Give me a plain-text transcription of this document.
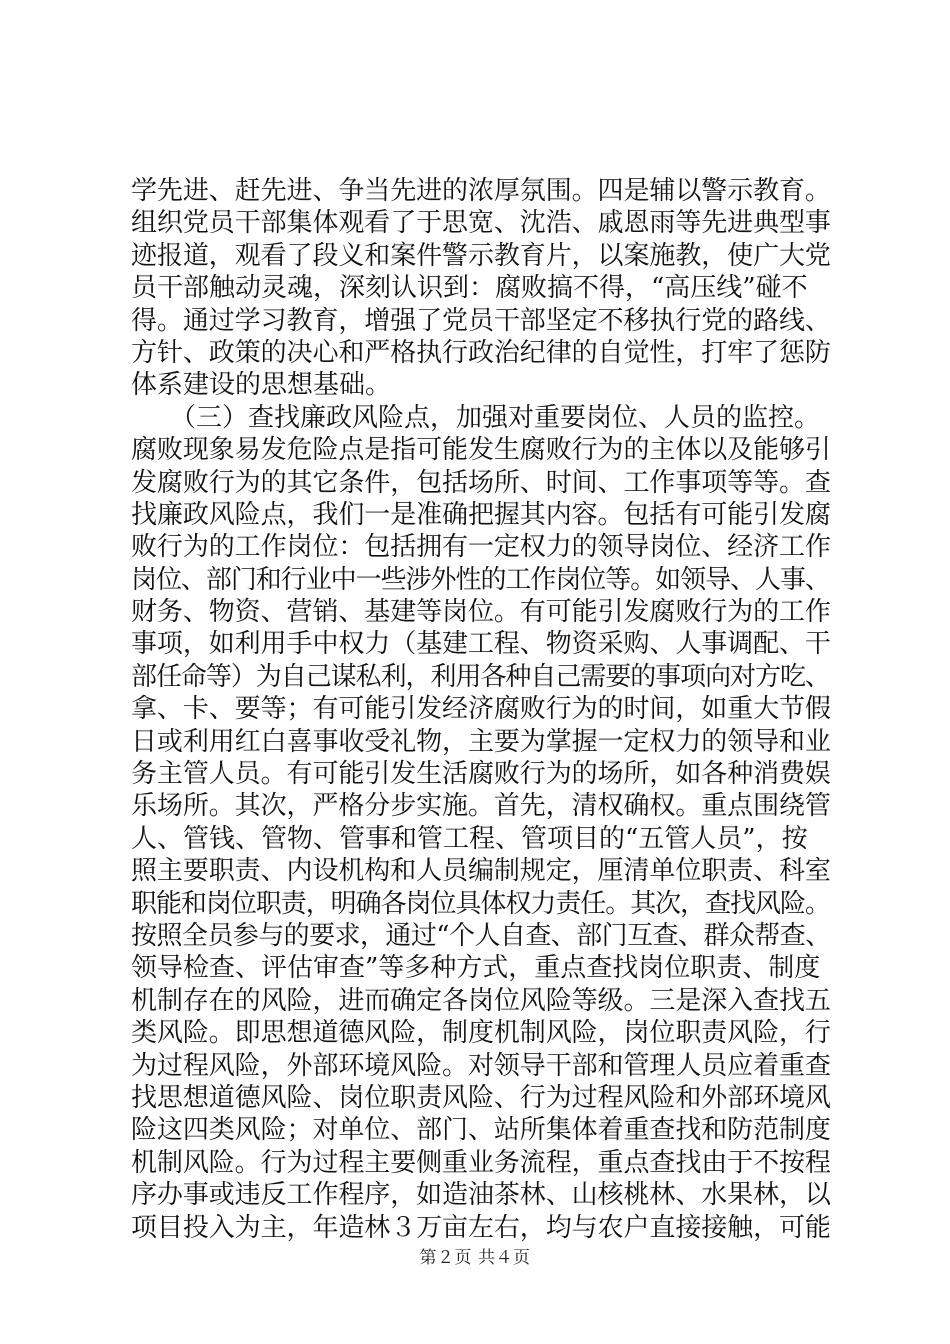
学先进、赶先进、争当先进的浓厚氛围。四是辅以警示教育。
组织党员干部集体观看了于思宽、沈浩、戚恩雨等先进典型事
迹报道，观看了段义和案件警示教育片，以案施教，使广大党
员干部触动灵魂，深刻认识到：腐败搞不得，“高压线”碰不
得。通过学习教育，增强了党员干部坚定不移执行党的路线、
方针、政策的决心和严格执行政治纪律的自觉性，打牢了惩防
体系建设的思想基础。
　　（三）查找廉政风险点，加强对重要岗位、人员的监控。
腐败现象易发危险点是指可能发生腐败行为的主体以及能够引
发腐败行为的其它条件，包括场所、时间、工作事项等等。查
找廉政风险点，我们一是准确把握其内容。包括有可能引发腐
败行为的工作岗位：包括拥有一定权力的领导岗位、经济工作
岗位、部门和行业中一些涉外性的工作岗位等。如领导、人事、
财务、物资、营销、基建等岗位。有可能引发腐败行为的工作
事项，如利用手中权力（基建工程、物资采购、人事调配、干
部任命等）为自己谋私利，利用各种自己需要的事项向对方吃、
拿、卡、要等；有可能引发经济腐败行为的时间，如重大节假
日或利用红白喜事收受礼物，主要为掌握一定权力的领导和业
务主管人员。有可能引发生活腐败行为的场所，如各种消费娱
乐场所。其次，严格分步实施。首先，清权确权。重点围绕管
人、管钱、管物、管事和管工程、管项目的“五管人员”，按
照主要职责、内设机构和人员编制规定，厘清单位职责、科室
职能和岗位职责，明确各岗位具体权力责任。其次，查找风险。
按照全员参与的要求，通过“个人自查、部门互查、群众帮查、
领导检查、评估审查”等多种方式，重点查找岗位职责、制度
机制存在的风险，进而确定各岗位风险等级。三是深入查找五
类风险。即思想道德风险，制度机制风险，岗位职责风险，行
为过程风险，外部环境风险。对领导干部和管理人员应着重查
找思想道德风险、岗位职责风险、行为过程风险和外部环境风
险这四类风险；对单位、部门、站所集体着重查找和防范制度
机制风险。行为过程主要侧重业务流程，重点查找由于不按程
序办事或违反工作程序，如造油茶林、山核桃林、水果林，以
项目投入为主，年造林３万亩左右，均与农户直接接触，可能
第２页 共４页
